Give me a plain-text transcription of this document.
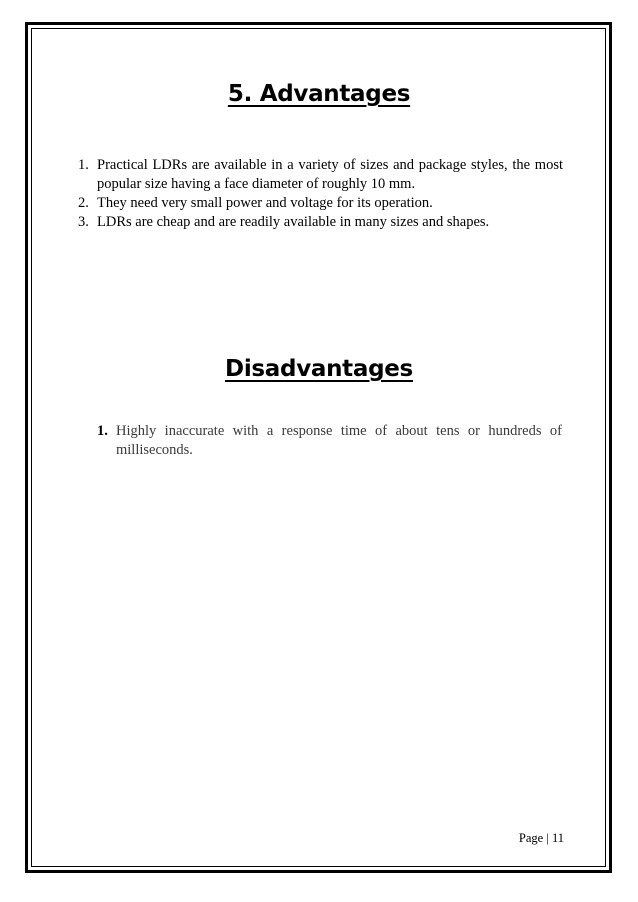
5. Advantages
1. Practical LDRs are available in a variety of sizes and package styles, the most popular size having a face diameter of roughly 10 mm.
2. They need very small power and voltage for its operation.
3. LDRs are cheap and are readily available in many sizes and shapes.
Disadvantages
1. Highly inaccurate with a response time of about tens or hundreds of milliseconds.
Page | 11
